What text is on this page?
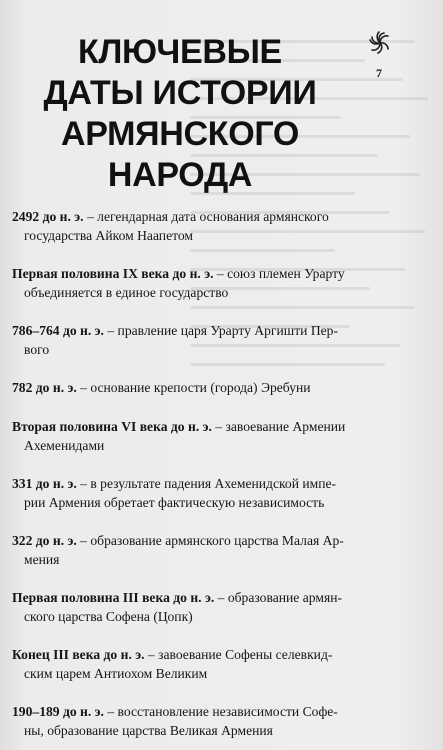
7
КЛЮЧЕВЫЕ
ДАТЫ ИСТОРИИ
АРМЯНСКОГО
НАРОДА

2492 до н. э. – легендарная дата основания армянского
государства Айком Наапетом

Первая половина IX века до н. э. – союз племен Урарту
объединяется в единое государство

786–764 до н. э. – правление царя Урарту Аргишти Пер-
вого

782 до н. э. – основание крепости (города) Эребуни

Вторая половина VI века до н. э. – завоевание Армении
Ахеменидами

331 до н. э. – в результате падения Ахеменидской импе-
рии Армения обретает фактическую независимость

322 до н. э. – образование армянского царства Малая Ар-
мения

Первая половина III века до н. э. – образование армян-
ского царства Софена (Цопк)

Конец III века до н. э. – завоевание Софены селевкид-
ским царем Антиохом Великим

190–189 до н. э. – восстановление независимости Софе-
ны, образование царства Великая Армения
